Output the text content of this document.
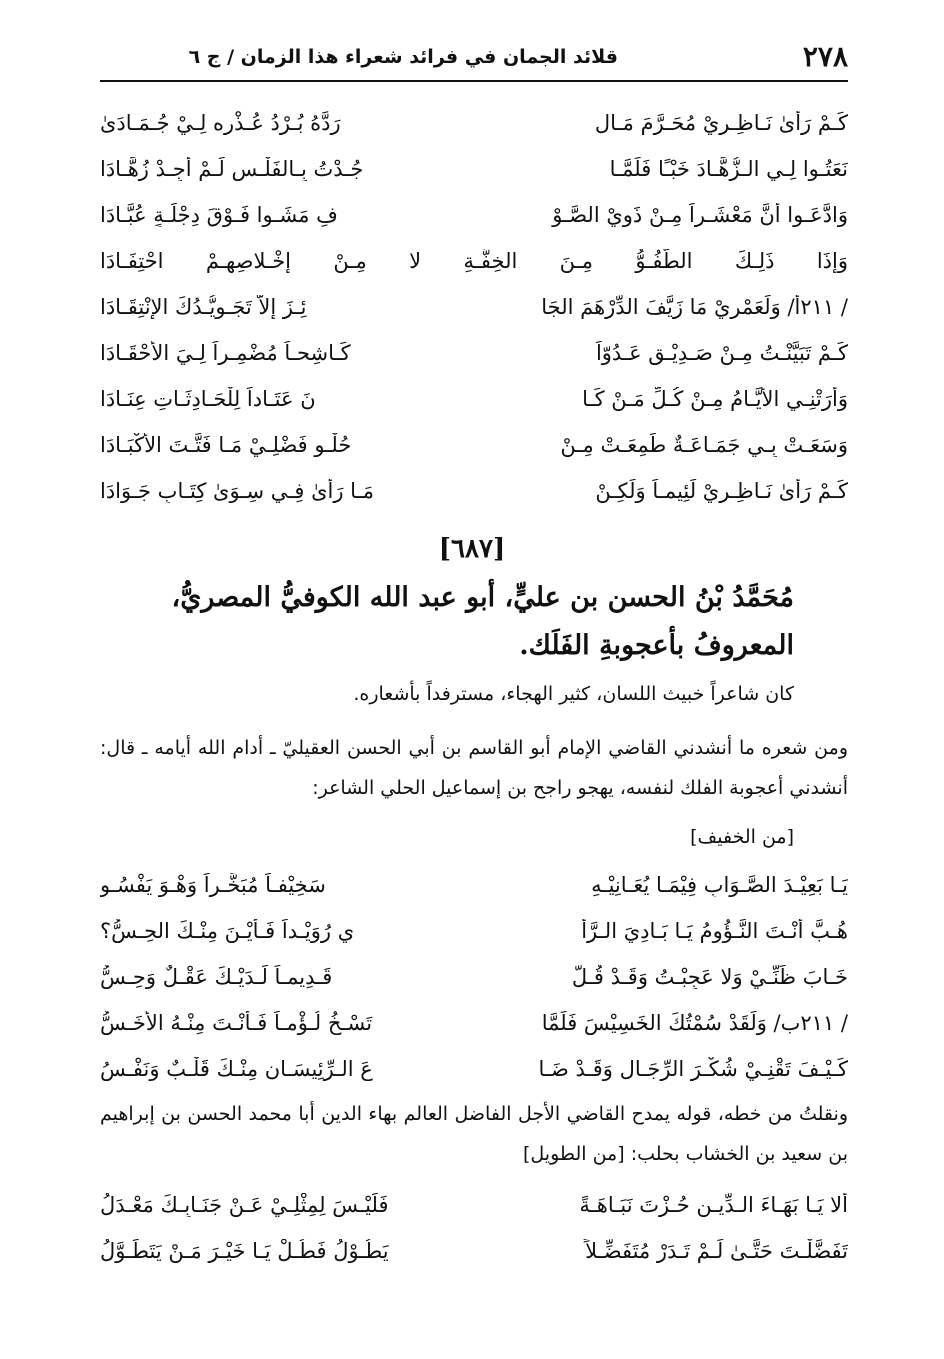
٢٧٨
قلائد الجمان في فرائد شعراء هذا الزمان / ج ٦
كَـمْ رَأَىٰ نَـاظِـرِيْ مُحَـرَّمَ مَـال
رَدَّهُ بُـرْدُ عُـذْرِه لِـيْ جُـمَـادَىٰ
نَعَتُـوا لِـي الـزُّهَّـادَ خَبْـًا فَلَمَّـا
جُـدْتُ بِـالفَلْـسِ لَـمْ أَجِـدْ زُهَّـادَا
وَادَّعَـوا أَنَّ مَعْشَـراً مِـنْ ذَوِيْ الصَّـوْ
فِ مَشَـوا فَـوْقَ دِجْلَـةٍ عُبَّـادَا
وَإِذَا ذَلِـكَ الطَّفُـوُّ مِـنَ الخِفَّـةِ لا مِـنْ إِخْـلاصِهِـمْ احْتِفَـادَا
/ ٢١١أ/ وَلَعَمْرِيْ مَا زَيَّفَ الدِّرْهَمَ الجَا
ئِـزَ إِلاَّ تَجَـوِيُّـدُكَ الإِنْتِقَـادَا
كَـمْ تَبَيَّنْـتُ مِـنْ صَـدِيْـقٍ عَـدُوّاً
كَـاشِحـاً مُضْمِـراً لِـيَ الأَحْقَـادَا
وَأَرَتْنِـي الأَيَّـامُ مِـنْ كُـلِّ مَـنْ كَـا
نَ عَتَـاداً لِلْحَـادِثَـاتِ عِنَـادَا
وَسَعَـتْ بِـي جَمَـاعَـةٌ طَمِعَـتْ مِـنْ
حُلْـوِ فَضْلِـيْ مَـا فَتَّـتَ الأَكْبَـادَا
كَـمْ رَأَىٰ نَـاظِـرِيْ لَئِيمـاً وَلَكِـنْ
مَـا رَأَىٰ فِـي سِـوَىٰ كِتَـابٍ جَـوَادَا
[٦٨٧]
مُحَمَّدُ بْنُ الحسن بن عليٍّ، أبو عبد الله الكوفيُّ المصريُّ،
المعروفُ بأعجوبةِ الفَلَك.
كان شاعراً خبيث اللسان، كثير الهجاء، مسترفداً بأشعاره.
ومن شعره ما أنشدني القاضي الإمام أبو القاسم بن أبي الحسن العقيليّ ـ أدام الله أيامه ـ قال: أنشدني أعجوبة الفلك لنفسه، يهجو راجح بن إسماعيل الحلي الشاعر:
[من الخفيف]
يَـا بَعِيْـدَ الصَّـوَابِ فِيْمَـا يُعَـانِيْـهِ
سَخِيْفـاً مُبَخَّـراً وَهْـوَ يَفْسُـو
هُـبَّ أَنْـتَ النَّـؤُومُ يَـا بَـادِيَ الـرَّأْ
يِ رُوَيْـداً فَـأَيْـنَ مِنْـكَ الحِـسُّ؟
خَـابَ ظَنِّـيْ وَلا عَجِبْـتُ وَقَـدْ قُـلَّ
قَـدِيمـاً لَـدَيْـكَ عَقْـلٌ وَحِـسُّ
/ ٢١١ب/ وَلَقَدْ سُمْتُكَ الخَسِيْسَ فَلَمَّا
تَسْـخُ لُـؤْمـاً فَـأَنْـتَ مِنْـهُ الأَخَـسُّ
كَـيْـفَ تَقْنِـيْ شُكْـرَ الرِّجَـالِ وَقَـدْ ضَـا
عَ الـرِّئِيسَـانِ مِنْـكَ قَلْـبٌ وَنَفْـسُ
ونقلتُ من خطه، قوله يمدح القاضي الأجل الفاضل العالم بهاء الدين أبا محمد الحسن بن إبراهيم بن سعيد بن الخشاب بحلب: [من الطويل]
أَلا يَـا بَهَـاءَ الـدِّيـنِ حُـزْتَ نَبَـاهَـةً
فَلَيْـسَ لِمِثْلِـيْ عَـنْ جَنَـابِـكَ مَعْـدَلُ
تَفَضَّلْـتَ حَتَّـىٰ لَـمْ تَـدَرْ مُتَفَضِّـلاً
يَطُـوْلُ فَطُـلْ يَـا خَيْـرَ مَـنْ يَتَطَـوَّلُ
